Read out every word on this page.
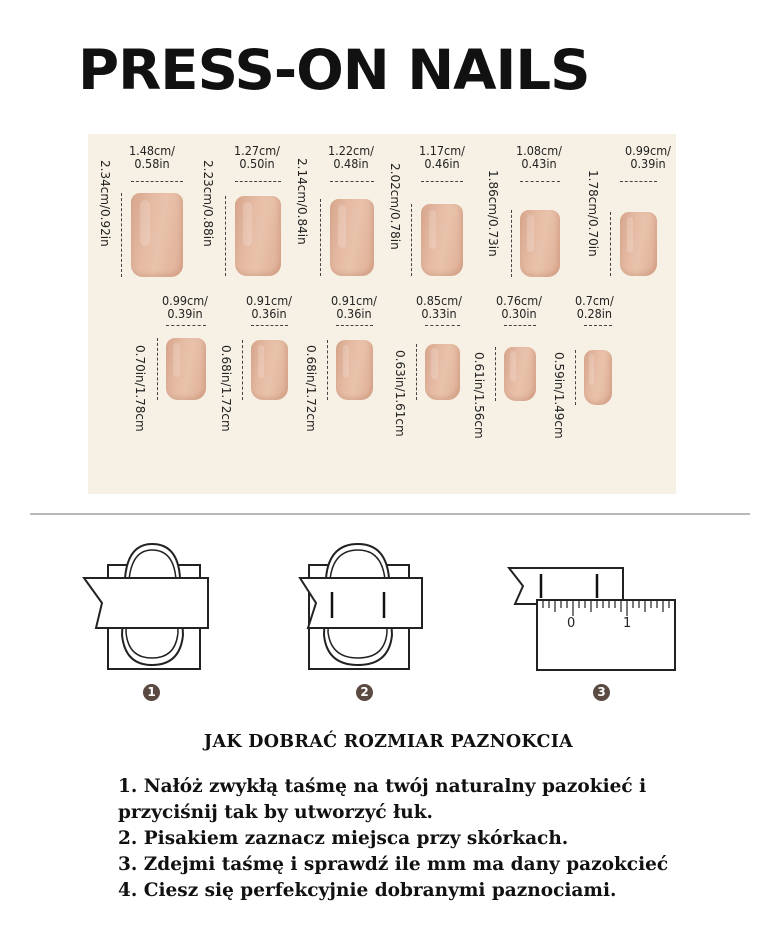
PRESS-ON NAILS
1.48cm/
0.58in
2.34cm/0.92in
1.27cm/
0.50in
2.23cm/0.88in
1.22cm/
0.48in
2.14cm/0.84in
1.17cm/
0.46in
2.02cm/0.78in
1.08cm/
0.43in
1.86cm/0.73in
0.99cm/
0.39in
1.78cm/0.70in
0.99cm/
0.39in
0.70in/1.78cm
0.91cm/
0.36in
0.68in/1.72cm
0.91cm/
0.36in
0.68in/1.72cm
0.85cm/
0.33in
0.63in/1.61cm
0.76cm/
0.30in
0.61in/1.56cm
0.7cm/
0.28in
0.59in/1.49cm
1	2
0	1
3
JAK DOBRAĆ ROZMIAR PAZNOKCIA
1. Nałóż zwykłą taśmę na twój naturalny pazokieć i
przyciśnij tak by utworzyć łuk.
2. Pisakiem zaznacz miejsca przy skórkach.
3. Zdejmi taśmę i sprawdź ile mm ma dany pazokcieć
4. Ciesz się perfekcyjnie dobranymi paznociami.
